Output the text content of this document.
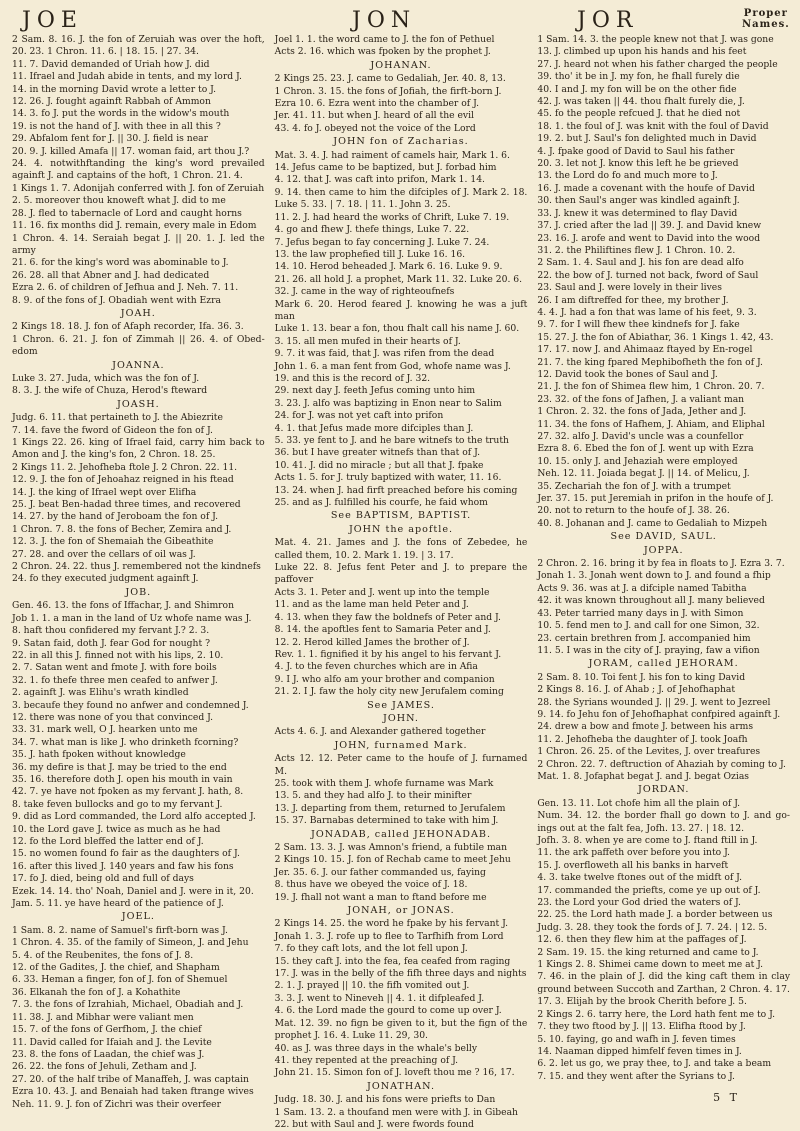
JOE	JON	JOR	Proper
Names.

2 Sam. 8. 16. J. the fon of Zeruiah was over the hoft, 20. 23. 1 Chron. 11. 6. | 18. 15. | 27. 34.

11. 7. David demanded of Uriah how J. did

11. Ifrael and Judah abide in tents, and my lord J.

14. in the morning David wrote a letter to J.

12. 26. J. fought againft Rabbah of Ammon

14. 3. fo J. put the words in the widow's mouth

19. is not the hand of J. with thee in all this ?

29. Abfalom fent for J. || 30. J. field is near

20. 9. J. killed Amafa || 17. woman faid, art thou J.?

24. 4. notwithftanding the king's word prevailed againft J. and captains of the hoft, 1 Chron. 21. 4.

1 Kings 1. 7. Adonijah conferred with J. fon of Zeruiah

2. 5. moreover thou knoweft what J. did to me

28. J. fled to tabernacle of Lord and caught horns

11. 16. fix months did J. remain, every male in Edom

1 Chron. 4. 14. Seraiah begat J. || 20. 1. J. led the army

21. 6. for the king's word was abominable to J.

26. 28. all that Abner and J. had dedicated

Ezra 2. 6. of children of Jefhua and J. Neh. 7. 11.

8. 9. of the fons of J. Obadiah went with Ezra

JOAH.

2 Kings 18. 18. J. fon of Afaph recorder, Ifa. 36. 3.

1 Chron. 6. 21. J. fon of Zimmah || 26. 4. of Obed-edom

JOANNA.

Luke 3. 27. Juda, which was the fon of J.

8. 3. J. the wife of Chuza, Herod's fteward

JOASH.

Judg. 6. 11. that pertaineth to J. the Abiezrite

7. 14. fave the fword of Gideon the fon of J.

1 Kings 22. 26. king of Ifrael faid, carry him back to Amon and J. the king's fon, 2 Chron. 18. 25.

2 Kings 11. 2. Jehofheba ftole J. 2 Chron. 22. 11.

12. 9. J. the fon of Jehoahaz reigned in his ftead

14. J. the king of Ifrael wept over Elifha

25. J. beat Ben-hadad three times, and recovered

14. 27. by the hand of Jeroboam the fon of J.

1 Chron. 7. 8. the fons of Becher, Zemira and J.

12. 3. J. the fon of Shemaiah the Gibeathite

27. 28. and over the cellars of oil was J.

2 Chron. 24. 22. thus J. remembered not the kindnefs

24. fo they executed judgment againft J.

JOB.

Gen. 46. 13. the fons of Iffachar, J. and Shimron

Job 1. 1. a man in the land of Uz whofe name was J.

8. haft thou confidered my fervant J.? 2. 3.

9. Satan faid, doth J. fear God for nought ?

22. in all this J. finned not with his lips, 2. 10.

2. 7. Satan went and fmote J. with fore boils

32. 1. fo thefe three men ceafed to anfwer J.

2. againft J. was Elihu's wrath kindled

3. becaufe they found no anfwer and condemned J.

12. there was none of you that convinced J.

33. 31. mark well, O J. hearken unto me

34. 7. what man is like J. who drinketh fcorning?

35. J. hath fpoken without knowledge

36. my defire is that J. may be tried to the end

35. 16. therefore doth J. open his mouth in vain

42. 7. ye have not fpoken as my fervant J. hath, 8.

8. take feven bullocks and go to my fervant J.

9. did as Lord commanded, the Lord alfo accepted J.

10. the Lord gave J. twice as much as he had

12. fo the Lord bleffed the latter end of J.

15. no women found fo fair as the daughters of J.

16. after this lived J. 140 years and faw his fons

17. fo J. died, being old and full of days

Ezek. 14. 14. tho' Noah, Daniel and J. were in it, 20.

Jam. 5. 11. ye have heard of the patience of J.

JOEL.

1 Sam. 8. 2. name of Samuel's firft-born was J.

1 Chron. 4. 35. of the family of Simeon, J. and Jehu

5. 4. of the Reubenites, the fons of J. 8.

12. of the Gadites, J. the chief, and Shapham

6. 33. Heman a finger, fon of J. fon of Shemuel

36. Elkanah the fon of J. a Kohathite

7. 3. the fons of Izrahiah, Michael, Obadiah and J.

11. 38. J. and Mibhar were valiant men

15. 7. of the fons of Gerfhom, J. the chief

11. David called for Ifaiah and J. the Levite

23. 8. the fons of Laadan, the chief was J.

26. 22. the fons of Jehuli, Zetham and J.

27. 20. of the half tribe of Manaffeh, J. was captain

Ezra 10. 43. J. and Benaiah had taken ftrange wives

Neh. 11. 9. J. fon of Zichri was their overfeer

Joel 1. 1. the word came to J. the fon of Pethuel

Acts 2. 16. which was fpoken by the prophet J.

JOHANAN.

2 Kings 25. 23. J. came to Gedaliah, Jer. 40. 8, 13.

1 Chron. 3. 15. the fons of Jofiah, the firft-born J.

Ezra 10. 6. Ezra went into the chamber of J.

Jer. 41. 11. but when J. heard of all the evil

43. 4. fo J. obeyed not the voice of the Lord

JOHN fon of Zacharias.

Mat. 3. 4. J. had raiment of camels hair, Mark 1. 6.

14. Jefus came to be baptized, but J. forbad him

4. 12. that J. was caft into prifon, Mark 1. 14.

9. 14. then came to him the difciples of J. Mark 2. 18. Luke 5. 33. | 7. 18. | 11. 1. John 3. 25.

11. 2. J. had heard the works of Chrift, Luke 7. 19.

4. go and fhew J. thefe things, Luke 7. 22.

7. Jefus began to fay concerning J. Luke 7. 24.

13. the law prophefied till J. Luke 16. 16.

14. 10. Herod beheaded J. Mark 6. 16. Luke 9. 9.

21. 26. all hold J. a prophet, Mark 11. 32. Luke 20. 6.

32. J. came in the way of righteoufnefs

Mark 6. 20. Herod feared J. knowing he was a juft man

Luke 1. 13. bear a fon, thou fhalt call his name J. 60.

3. 15. all men mufed in their hearts of J.

9. 7. it was faid, that J. was rifen from the dead

John 1. 6. a man fent from God, whofe name was J.

19. and this is the record of J. 32.

29. next day J. feeth Jefus coming unto him

3. 23. J. alfo was baptizing in Enon near to Salim

24. for J. was not yet caft into prifon

4. 1. that Jefus made more difciples than J.

5. 33. ye fent to J. and he bare witnefs to the truth

36. but I have greater witnefs than that of J.

10. 41. J. did no miracle ; but all that J. fpake

Acts 1. 5. for J. truly baptized with water, 11. 16.

13. 24. when J. had firft preached before his coming

25. and as J. fulfilled his courfe, he faid whom

See BAPTISM, BAPTIST.

JOHN the apoftle.

Mat. 4. 21. James and J. the fons of Zebedee, he called them, 10. 2. Mark 1. 19. | 3. 17.

Luke 22. 8. Jefus fent Peter and J. to prepare the paffover

Acts 3. 1. Peter and J. went up into the temple

11. and as the lame man held Peter and J.

4. 13. when they faw the boldnefs of Peter and J.

8. 14. the apoftles fent to Samaria Peter and J.

12. 2. Herod killed James the brother of J.

Rev. 1. 1. fignified it by his angel to his fervant J.

4. J. to the feven churches which are in Afia

9. I J. who alfo am your brother and companion

21. 2. I J. faw the holy city new Jerufalem coming

See JAMES.

JOHN.

Acts 4. 6. J. and Alexander gathered together

JOHN, furnamed Mark.

Acts 12. 12. Peter came to the houfe of J. furnamed M.

25. took with them J. whofe furname was Mark

13. 5. and they had alfo J. to their minifter

13. J. departing from them, returned to Jerufalem

15. 37. Barnabas determined to take with him J.

JONADAB, called JEHONADAB.

2 Sam. 13. 3. J. was Amnon's friend, a fubtile man

2 Kings 10. 15. J. fon of Rechab came to meet Jehu

Jer. 35. 6. J. our father commanded us, faying

8. thus have we obeyed the voice of J. 18.

19. J. fhall not want a man to ftand before me

JONAH, or JONAS.

2 Kings 14. 25. the word he fpake by his fervant J.

Jonah 1. 3. J. rofe up to flee to Tarfhifh from Lord

7. fo they caft lots, and the lot fell upon J.

15. they caft J. into the fea, fea ceafed from raging

17. J. was in the belly of the fifh three days and nights

2. 1. J. prayed || 10. the fifh vomited out J.

3. 3. J. went to Nineveh || 4. 1. it difpleafed J.

4. 6. the Lord made the gourd to come up over J.

Mat. 12. 39. no fign be given to it, but the fign of the prophet J. 16. 4. Luke 11. 29, 30.

40. as J. was three days in the whale's belly

41. they repented at the preaching of J.

John 21. 15. Simon fon of J. loveft thou me ? 16, 17.

JONATHAN.

Judg. 18. 30. J. and his fons were priefts to Dan

1 Sam. 13. 2. a thoufand men were with J. in Gibeah

22. but with Saul and J. were fwords found

1 Sam. 14. 3. the people knew not that J. was gone

13. J. climbed up upon his hands and his feet

27. J. heard not when his father charged the people

39. tho' it be in J. my fon, he fhall furely die

40. I and J. my fon will be on the other fide

42. J. was taken || 44. thou fhalt furely die, J.

45. fo the people refcued J. that he died not

18. 1. the foul of J. was knit with the foul of David

19. 2. but J. Saul's fon delighted much in David

4. J. fpake good of David to Saul his father

20. 3. let not J. know this left he be grieved

13. the Lord do fo and much more to J.

16. J. made a covenant with the houfe of David

30. then Saul's anger was kindled againft J.

33. J. knew it was determined to flay David

37. J. cried after the lad || 39. J. and David knew

23. 16. J. arofe and went to David into the wood

31. 2. the Philiftines flew J. 1 Chron. 10. 2.

2 Sam. 1. 4. Saul and J. his fon are dead alfo

22. the bow of J. turned not back, fword of Saul

23. Saul and J. were lovely in their lives

26. I am diftreffed for thee, my brother J.

4. 4. J. had a fon that was lame of his feet, 9. 3.

9. 7. for I will fhew thee kindnefs for J. fake

15. 27. J. the fon of Abiathar, 36. 1 Kings 1. 42, 43.

17. 17. now J. and Ahimaaz ftayed by En-rogel

21. 7. the king fpared Mephibofheth the fon of J.

12. David took the bones of Saul and J.

21. J. the fon of Shimea flew him, 1 Chron. 20. 7.

23. 32. of the fons of Jafhen, J. a valiant man

1 Chron. 2. 32. the fons of Jada, Jether and J.

11. 34. the fons of Hafhem, J. Ahiam, and Eliphal

27. 32. alfo J. David's uncle was a counfellor

Ezra 8. 6. Ebed the fon of J. went up with Ezra

10. 15. only J. and Jehaziah were employed

Neh. 12. 11. Joiada begat J. || 14. of Melicu, J.

35. Zechariah the fon of J. with a trumpet

Jer. 37. 15. put Jeremiah in prifon in the houfe of J.

20. not to return to the houfe of J. 38. 26.

40. 8. Johanan and J. came to Gedaliah to Mizpeh

See DAVID, SAUL.

JOPPA.

2 Chron. 2. 16. bring it by fea in floats to J. Ezra 3. 7.

Jonah 1. 3. Jonah went down to J. and found a fhip

Acts 9. 36. was at J. a difciple named Tabitha

42. it was known throughout all J. many believed

43. Peter tarried many days in J. with Simon

10. 5. fend men to J. and call for one Simon, 32.

23. certain brethren from J. accompanied him

11. 5. I was in the city of J. praying, faw a vifion

JORAM, called JEHORAM.

2 Sam. 8. 10. Toi fent J. his fon to king David

2 Kings 8. 16. J. of Ahab ; J. of Jehofhaphat

28. the Syrians wounded J. || 29. J. went to Jezreel

9. 14. fo Jehu fon of Jehofhaphat confpired againft J.

24. drew a bow and fmote J. between his arms

11. 2. Jehofheba the daughter of J. took Joafh

1 Chron. 26. 25. of the Levites, J. over treafures

2 Chron. 22. 7. deftruction of Ahaziah by coming to J.

Mat. 1. 8. Jofaphat begat J. and J. begat Ozias

JORDAN.

Gen. 13. 11. Lot chofe him all the plain of J.

Num. 34. 12. the border fhall go down to J. and go-ings out at the falt fea, Jofh. 13. 27. | 18. 12.

Jofh. 3. 8. when ye are come to J. ftand ftill in J.

11. the ark paffeth over before you into J.

15. J. overfloweth all his banks in harveft

4. 3. take twelve ftones out of the midft of J.

17. commanded the priefts, come ye up out of J.

23. the Lord your God dried the waters of J.

22. 25. the Lord hath made J. a border between us

Judg. 3. 28. they took the fords of J. 7. 24. | 12. 5.

12. 6. then they flew him at the paffages of J.

2 Sam. 19. 15. the king returned and came to J.

1 Kings 2. 8. Shimei came down to meet me at J.

7. 46. in the plain of J. did the king caft them in clay ground between Succoth and Zarthan, 2 Chron. 4. 17.

17. 3. Elijah by the brook Cherith before J. 5.

2 Kings 2. 6. tarry here, the Lord hath fent me to J.

7. they two ftood by J. || 13. Elifha ftood by J.

5. 10. faying, go and wafh in J. feven times

14. Naaman dipped himfelf feven times in J.

6. 2. let us go, we pray thee, to J. and take a beam

7. 15. and they went after the Syrians to J.

5 T
